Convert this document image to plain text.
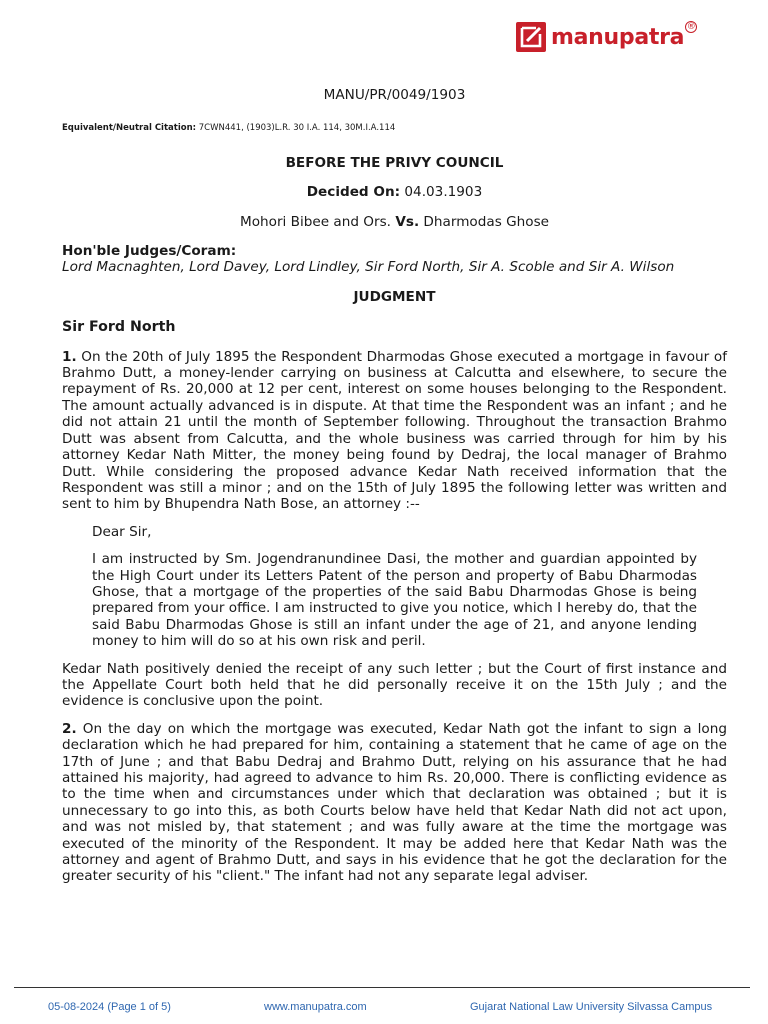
manupatra ®
MANU/PR/0049/1903
Equivalent/Neutral Citation: 7CWN441, (1903)L.R. 30 I.A. 114, 30M.I.A.114
BEFORE THE PRIVY COUNCIL
Decided On: 04.03.1903
Mohori Bibee and Ors. Vs. Dharmodas Ghose
Hon'ble Judges/Coram:
Lord Macnaghten, Lord Davey, Lord Lindley, Sir Ford North, Sir A. Scoble and Sir A. Wilson
JUDGMENT
Sir Ford North

1. On the 20th of July 1895 the Respondent Dharmodas Ghose executed a mortgage in favour of Brahmo Dutt, a money-lender carrying on business at Calcutta and elsewhere, to secure the repayment of Rs. 20,000 at 12 per cent, interest on some houses belonging to the Respondent. The amount actually advanced is in dispute. At that time the Respondent was an infant ; and he did not attain 21 until the month of September following. Throughout the transaction Brahmo Dutt was absent from Calcutta, and the whole business was carried through for him by his attorney Kedar Nath Mitter, the money being found by Dedraj, the local manager of Brahmo Dutt. While considering the proposed advance Kedar Nath received information that the Respondent was still a minor ; and on the 15th of July 1895 the following letter was written and sent to him by Bhupendra Nath Bose, an attorney :--

Dear Sir,

I am instructed by Sm. Jogendranundinee Dasi, the mother and guardian appointed by the High Court under its Letters Patent of the person and property of Babu Dharmodas Ghose, that a mortgage of the properties of the said Babu Dharmodas Ghose is being prepared from your office. I am instructed to give you notice, which I hereby do, that the said Babu Dharmodas Ghose is still an infant under the age of 21, and anyone lending money to him will do so at his own risk and peril.

Kedar Nath positively denied the receipt of any such letter ; but the Court of first instance and the Appellate Court both held that he did personally receive it on the 15th July ; and the evidence is conclusive upon the point.

2. On the day on which the mortgage was executed, Kedar Nath got the infant to sign a long declaration which he had prepared for him, containing a statement that he came of age on the 17th of June ; and that Babu Dedraj and Brahmo Dutt, relying on his assurance that he had attained his majority, had agreed to advance to him Rs. 20,000. There is conflicting evidence as to the time when and circumstances under which that declaration was obtained ; but it is unnecessary to go into this, as both Courts below have held that Kedar Nath did not act upon, and was not misled by, that statement ; and was fully aware at the time the mortgage was executed of the minority of the Respondent. It may be added here that Kedar Nath was the attorney and agent of Brahmo Dutt, and says in his evidence that he got the declaration for the greater security of his "client." The infant had not any separate legal adviser.

05-08-2024 (Page 1 of 5)	www.manupatra.com	Gujarat National Law University Silvassa Campus
